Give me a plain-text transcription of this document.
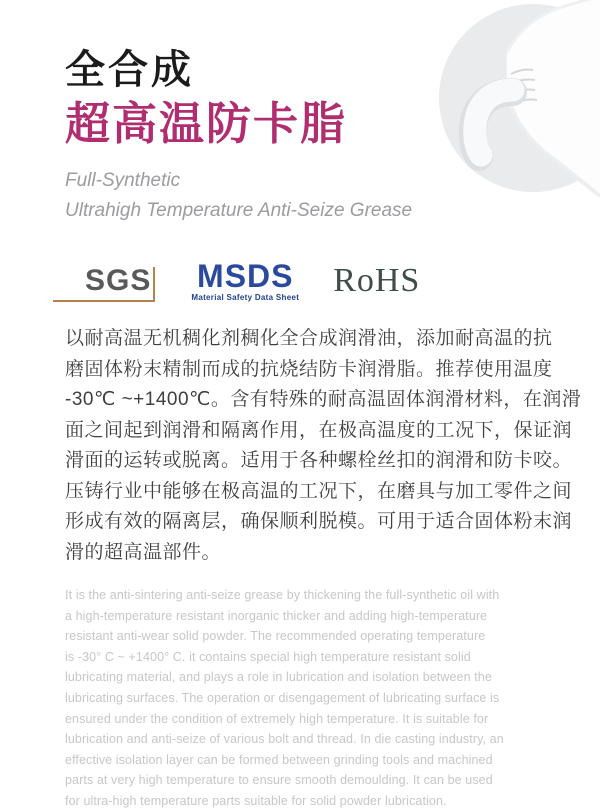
全合成
超高温防卡脂
Full-Synthetic
Ultrahigh Temperature Anti-Seize Grease
SGS MSDS
Material Safety Data Sheet RoHS
以耐高温无机稠化剂稠化全合成润滑油，添加耐高温的抗
磨固体粉末精制而成的抗烧结防卡润滑脂。推荐使用温度
-30℃ ~+1400℃。含有特殊的耐高温固体润滑材料，在润滑
面之间起到润滑和隔离作用，在极高温度的工况下，保证润
滑面的运转或脱离。适用于各种螺栓丝扣的润滑和防卡咬。
压铸行业中能够在极高温的工况下，在磨具与加工零件之间
形成有效的隔离层，确保顺利脱模。可用于适合固体粉末润
滑的超高温部件。
It is the anti-sintering anti-seize grease by thickening the full-synthetic oil with
a high-temperature resistant inorganic thicker and adding high-temperature
resistant anti-wear solid powder. The recommended operating temperature
is -30° C ~ +1400° C. it contains special high temperature resistant solid
lubricating material, and plays a role in lubrication and isolation between the
lubricating surfaces. The operation or disengagement of lubricating surface is
ensured under the condition of extremely high temperature. It is suitable for
lubrication and anti-seize of various bolt and thread. In die casting industry, an
effective isolation layer can be formed between grinding tools and machined
parts at very high temperature to ensure smooth demoulding. It can be used
for ultra-high temperature parts suitable for solid powder lubrication.
